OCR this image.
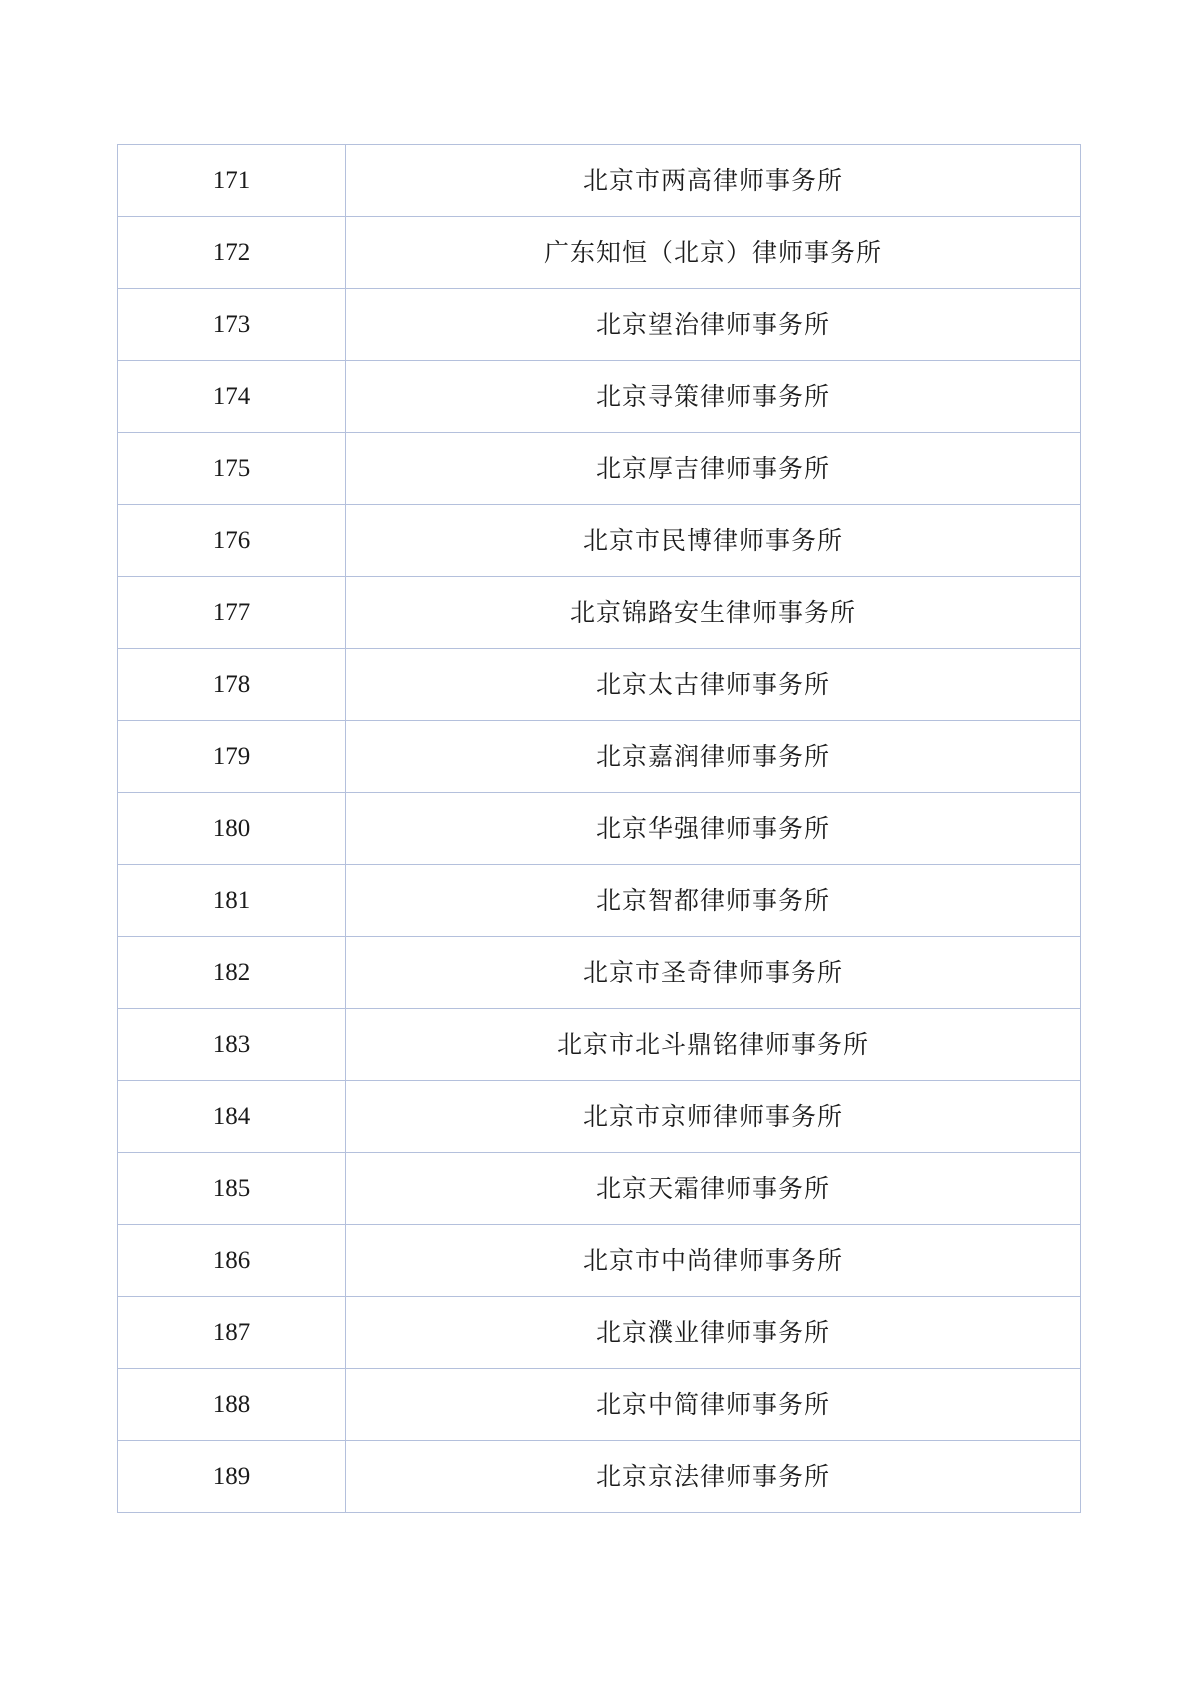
171	北京市两高律师事务所
172	广东知恒（北京）律师事务所
173	北京望治律师事务所
174	北京寻策律师事务所
175	北京厚吉律师事务所
176	北京市民博律师事务所
177	北京锦路安生律师事务所
178	北京太古律师事务所
179	北京嘉润律师事务所
180	北京华强律师事务所
181	北京智都律师事务所
182	北京市圣奇律师事务所
183	北京市北斗鼎铭律师事务所
184	北京市京师律师事务所
185	北京天霜律师事务所
186	北京市中尚律师事务所
187	北京濮业律师事务所
188	北京中简律师事务所
189	北京京法律师事务所
